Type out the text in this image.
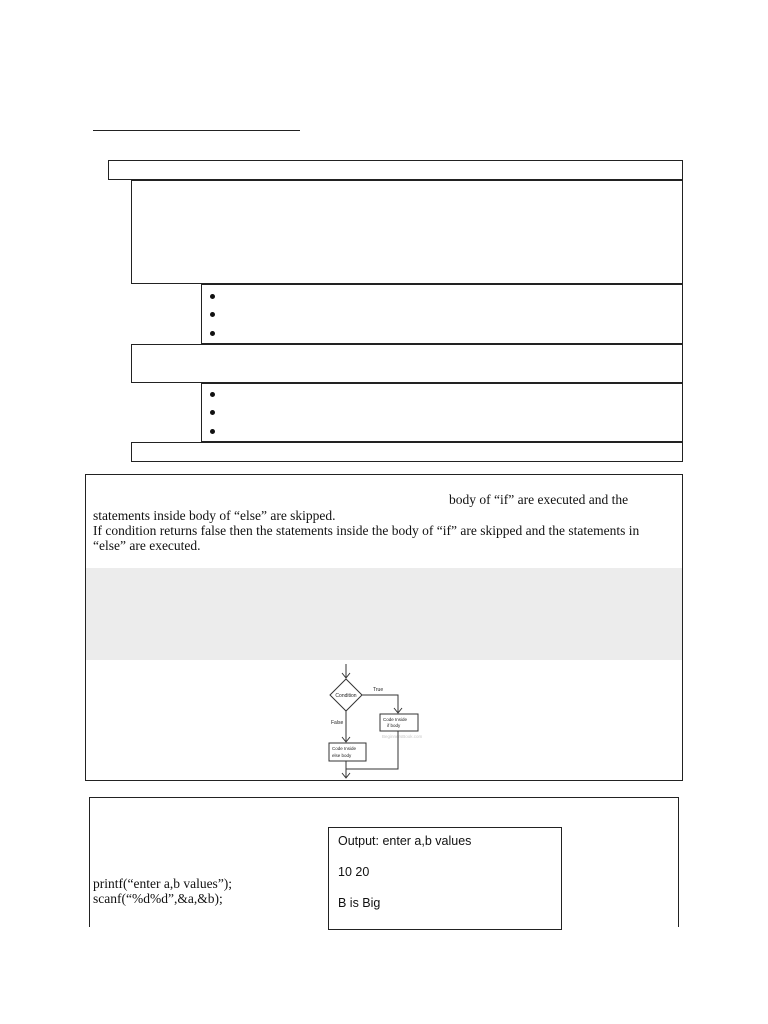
body of “if” are executed and the
statements inside body of “else” are skipped.
If condition returns false then the statements inside the body of “if” are skipped and the statements in
“else” are executed.
Condition
True
Code Inside
if body
BeginnersBook.com
False
Code Inside
else body
printf(“enter a,b values”);
scanf(“%d%d”,&a,&b);
Output: enter a,b values
10 20
B is Big
